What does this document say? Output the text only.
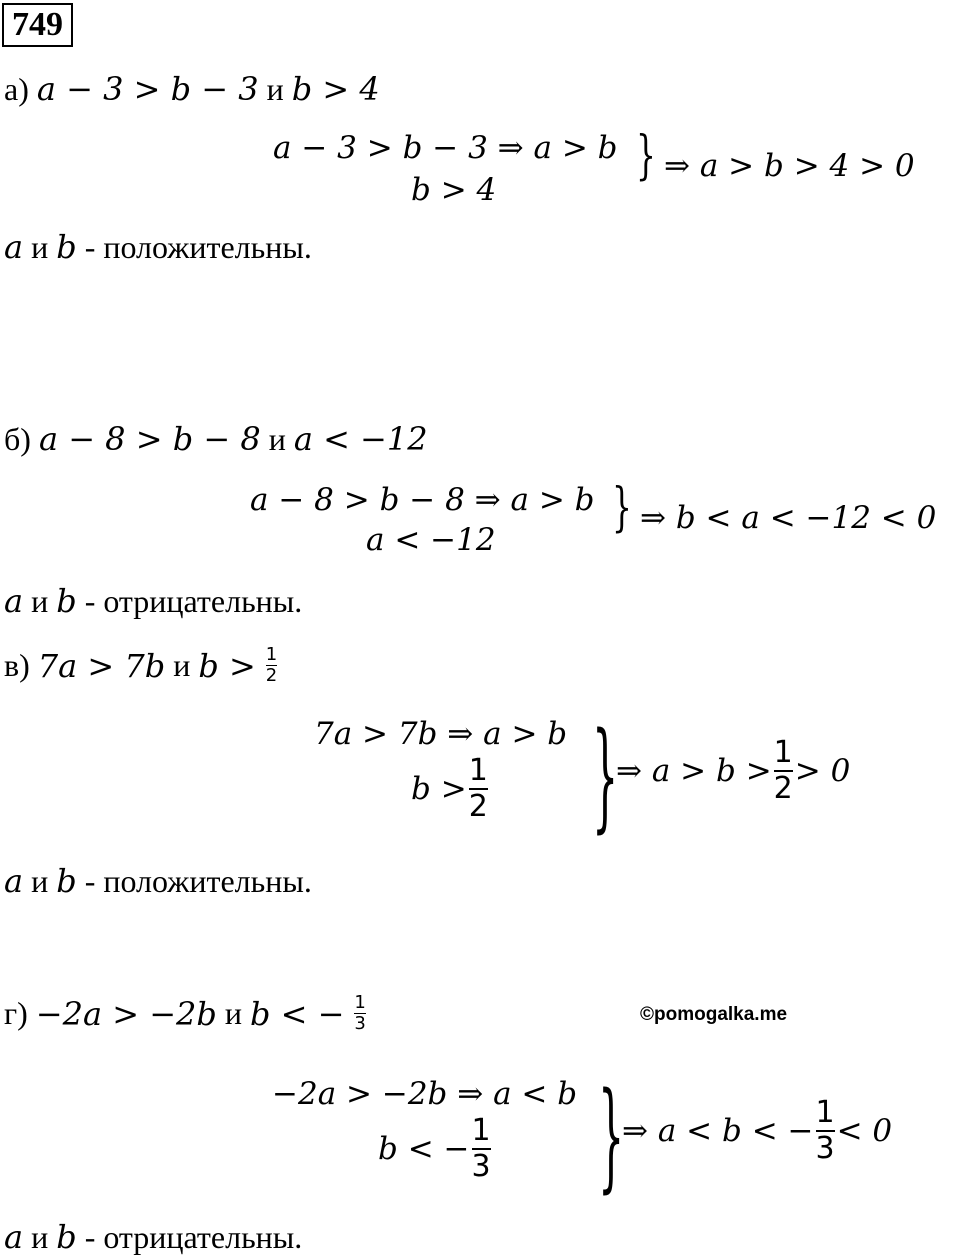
749
а) a − 3 > b − 3 и b > 4
a − 3 > b − 3 ⇒ a > b
b > 4
} ⇒ a > b > 4 > 0
a и b - положительны.
б) a − 8 > b − 8 и a < −12
a − 8 > b − 8 ⇒ a > b
a < −12
} ⇒ b < a < −12 < 0
a и b - отрицательны.
в) 7a > 7b и $b > \frac{1}{2}$
7a > 7b ⇒ a > b
$b > \frac{1}{2}$ }
⇒ $a > b > \frac{1}{2} > 0$
a и b - положительны.
г) −2a > −2b и b < − $\frac{1}{3}$	©pomogalka.me
−2a > −2b ⇒ a < b
b < − $\frac{1}{3}$ }
⇒ a < b < − $\frac{1}{3} < 0$
a и b - отрицательны.
